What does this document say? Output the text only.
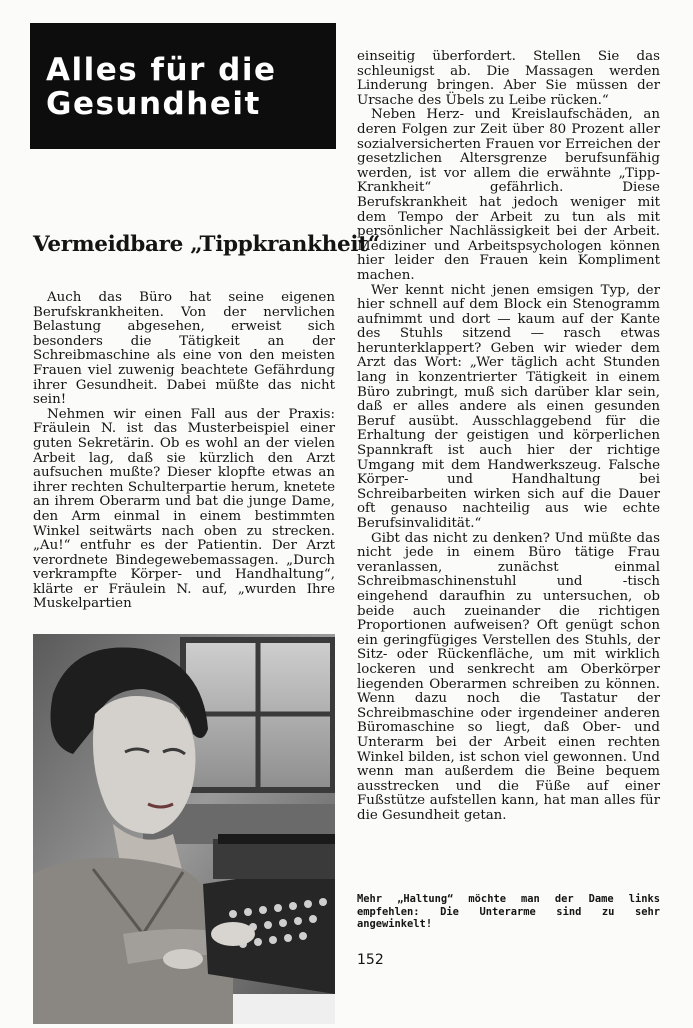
Alles für die
Gesundheit
Vermeidbare „Tippkrankheit“

Auch das Büro hat seine eigenen Berufskrankheiten. Von der nervlichen Belastung abgesehen, erweist sich besonders die Tätigkeit an der Schreibmaschine als eine von den meisten Frauen viel zuwenig beachtete Gefährdung ihrer Gesundheit. Dabei müßte das nicht sein!

Nehmen wir einen Fall aus der Praxis: Fräulein N. ist das Musterbeispiel einer guten Sekretärin. Ob es wohl an der vielen Arbeit lag, daß sie kürzlich den Arzt aufsuchen mußte? Dieser klopfte etwas an ihrer rechten Schulterpartie herum, knetete an ihrem Oberarm und bat die junge Dame, den Arm einmal in einem bestimmten Winkel seitwärts nach oben zu strecken. „Au!“ entfuhr es der Patientin. Der Arzt verordnete Bindegewebemassagen. „Durch verkrampfte Körper- und Handhaltung“, klärte er Fräulein N. auf, „wurden Ihre Muskelpartien

einseitig überfordert. Stellen Sie das schleunigst ab. Die Massagen werden Linderung bringen. Aber Sie müssen der Ursache des Übels zu Leibe rücken.“

Neben Herz- und Kreislaufschäden, an deren Folgen zur Zeit über 80 Prozent aller sozialversicherten Frauen vor Erreichen der gesetzlichen Altersgrenze berufsunfähig werden, ist vor allem die erwähnte „Tipp-Krankheit“ gefährlich. Diese Berufskrankheit hat jedoch weniger mit dem Tempo der Arbeit zu tun als mit persönlicher Nachlässigkeit bei der Arbeit. Mediziner und Arbeitspsychologen können hier leider den Frauen kein Kompliment machen.

Wer kennt nicht jenen emsigen Typ, der hier schnell auf dem Block ein Stenogramm aufnimmt und dort — kaum auf der Kante des Stuhls sitzend — rasch etwas herunterklappert? Geben wir wieder dem Arzt das Wort: „Wer täglich acht Stunden lang in konzentrierter Tätigkeit in einem Büro zubringt, muß sich darüber klar sein, daß er alles andere als einen gesunden Beruf ausübt. Ausschlaggebend für die Erhaltung der geistigen und körperlichen Spannkraft ist auch hier der richtige Umgang mit dem Handwerkszeug. Falsche Körper- und Handhaltung bei Schreibarbeiten wirken sich auf die Dauer oft genauso nachteilig aus wie echte Berufsinvalidität.“

Gibt das nicht zu denken? Und müßte das nicht jede in einem Büro tätige Frau veranlassen, zunächst einmal Schreibmaschinenstuhl und -tisch eingehend daraufhin zu untersuchen, ob beide auch zueinander die richtigen Proportionen aufweisen? Oft genügt schon ein geringfügiges Verstellen des Stuhls, der Sitz- oder Rückenfläche, um mit wirklich lockeren und senkrecht am Oberkörper liegenden Oberarmen schreiben zu können. Wenn dazu noch die Tastatur der Schreibmaschine oder irgendeiner anderen Büromaschine so liegt, daß Ober- und Unterarm bei der Arbeit einen rechten Winkel bilden, ist schon viel gewonnen. Und wenn man außerdem die Beine bequem ausstrecken und die Füße auf einer Fußstütze aufstellen kann, hat man alles für die Gesundheit getan.

Mehr „Haltung“ möchte man der Dame links empfehlen: Die Unterarme sind zu sehr angewinkelt!
152
